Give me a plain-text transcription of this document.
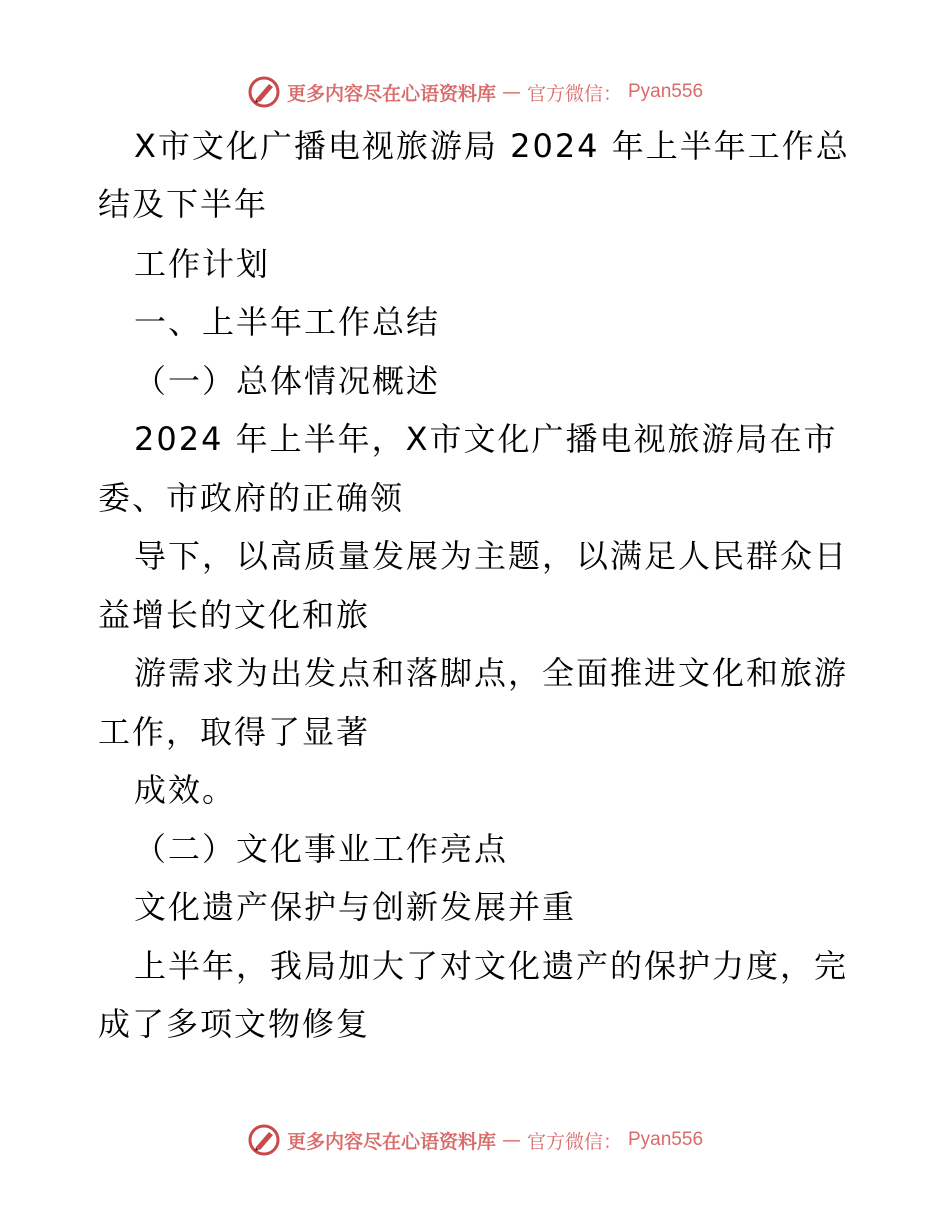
更多内容尽在心语资料库 — 官方微信： Pyan556
X市文化广播电视旅游局 2024 年上半年工作总
结及下半年
工作计划
一、上半年工作总结
（一）总体情况概述
2024 年上半年，X市文化广播电视旅游局在市
委、市政府的正确领
导下，以高质量发展为主题，以满足人民群众日
益增长的文化和旅
游需求为出发点和落脚点，全面推进文化和旅游
工作，取得了显著
成效。
（二）文化事业工作亮点
文化遗产保护与创新发展并重
上半年，我局加大了对文化遗产的保护力度，完
成了多项文物修复
更多内容尽在心语资料库 — 官方微信： Pyan556
